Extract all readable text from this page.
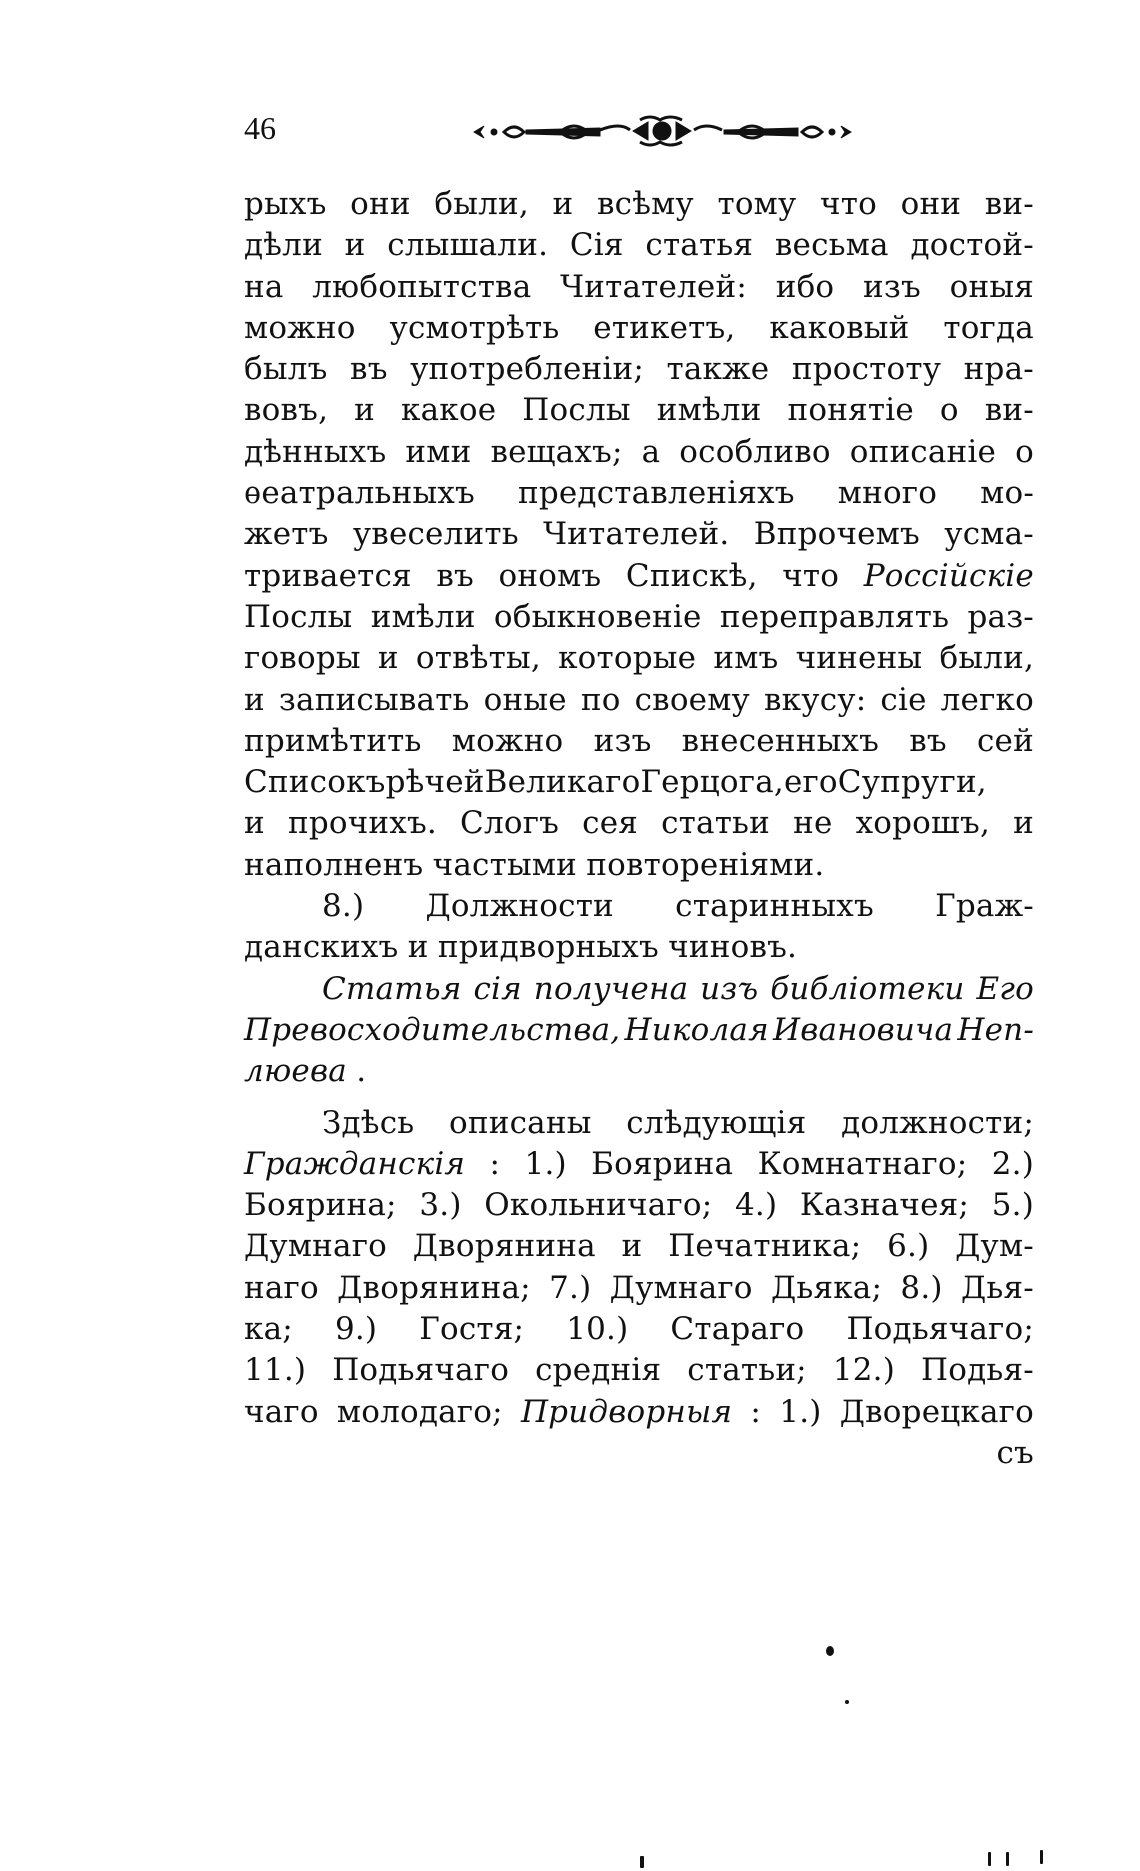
46
рыхъ они были, и всѣму тому что они ви-
дѣли и слышали. Сія статья весьма достой-
на любопытства Читателей: ибо изъ оныя
можно усмотрѣть етикетъ, каковый тогда
былъ въ употребленіи; также простоту нра-
вовъ, и какое Послы имѣли понятіе о ви-
дѣнныхъ ими вещахъ; а особливо описаніе о
ѳеатральныхъ представленіяхъ много мо-
жетъ увеселить Читателей. Впрочемъ усма-
тривается въ ономъ Спискѣ, что Россійскіе
Послы имѣли обыкновеніе переправлять раз-
говоры и отвѣты, которые имъ чинены были,
и записывать оные по своему вкусу: сіе легко
примѣтить можно изъ внесенныхъ въ сей
СписокърѣчейВеликагоГерцога,егоСупруги,
и прочихъ. Слогъ сея статьи не хорошъ, и
наполненъ частыми повтореніями.
8.) Должности старинныхъ Граж-
данскихъ и придворныхъ чиновъ.
Статья сія получена изъ библіотеки Его
Превосходительства, Николая Ивановича Неп-
люева .
Здѣсь описаны слѣдующія должности;
Гражданскія : 1.) Боярина Комнатнаго; 2.)
Боярина; 3.) Окольничаго; 4.) Казначея; 5.)
Думнаго Дворянина и Печатника; 6.) Дум-
наго Дворянина; 7.) Думнаго Дьяка; 8.) Дья-
ка; 9.) Гостя; 10.) Стараго Подьячаго;
11.) Подьячаго среднія статьи; 12.) Подья-
чаго молодаго; Придворныя : 1.) Дворецкаго
съ
